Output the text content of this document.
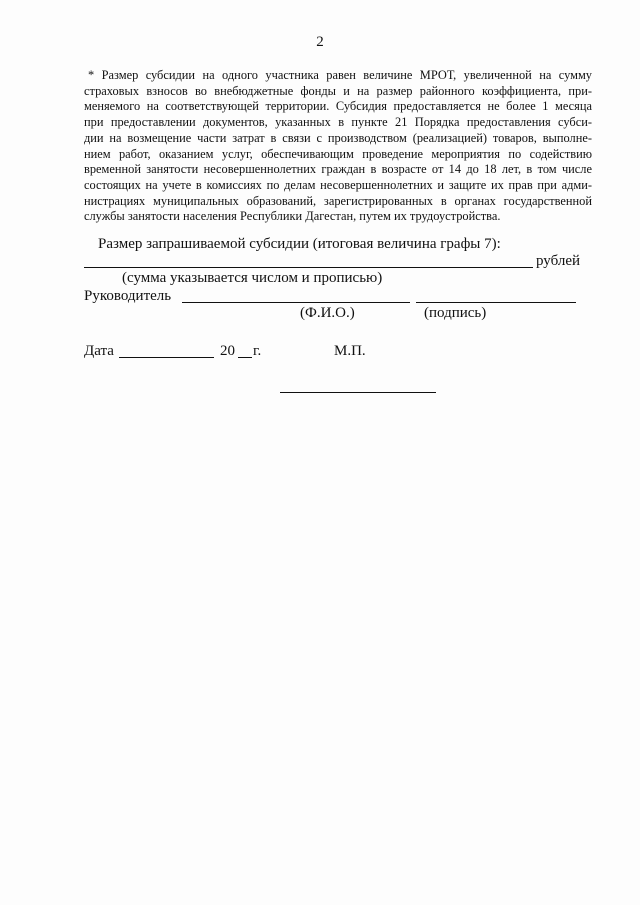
2
* Размер субсидии на одного участника равен величине МРОТ, увеличенной на сумму
страховых взносов во внебюджетные фонды и на размер районного коэффициента, при-
меняемого на соответствующей территории. Субсидия предоставляется не более 1 месяца
при предоставлении документов, указанных в пункте 21 Порядка предоставления субси-
дии на возмещение части затрат в связи с производством (реализацией) товаров, выполне-
нием работ, оказанием услуг, обеспечивающим проведение мероприятия по содействию
временной занятости несовершеннолетних граждан в возрасте от 14 до 18 лет, в том числе
состоящих на учете в комиссиях по делам несовершеннолетних и защите их прав при адми-
нистрациях муниципальных образований, зарегистрированных в органах государственной
службы занятости населения Республики Дагестан, путем их трудоустройства.
Размер запрашиваемой субсидии (итоговая величина графы 7):
рублей
(сумма указывается числом и прописью)
Руководитель
(Ф.И.О.)	(подпись)
Дата	20 г.	М.П.
